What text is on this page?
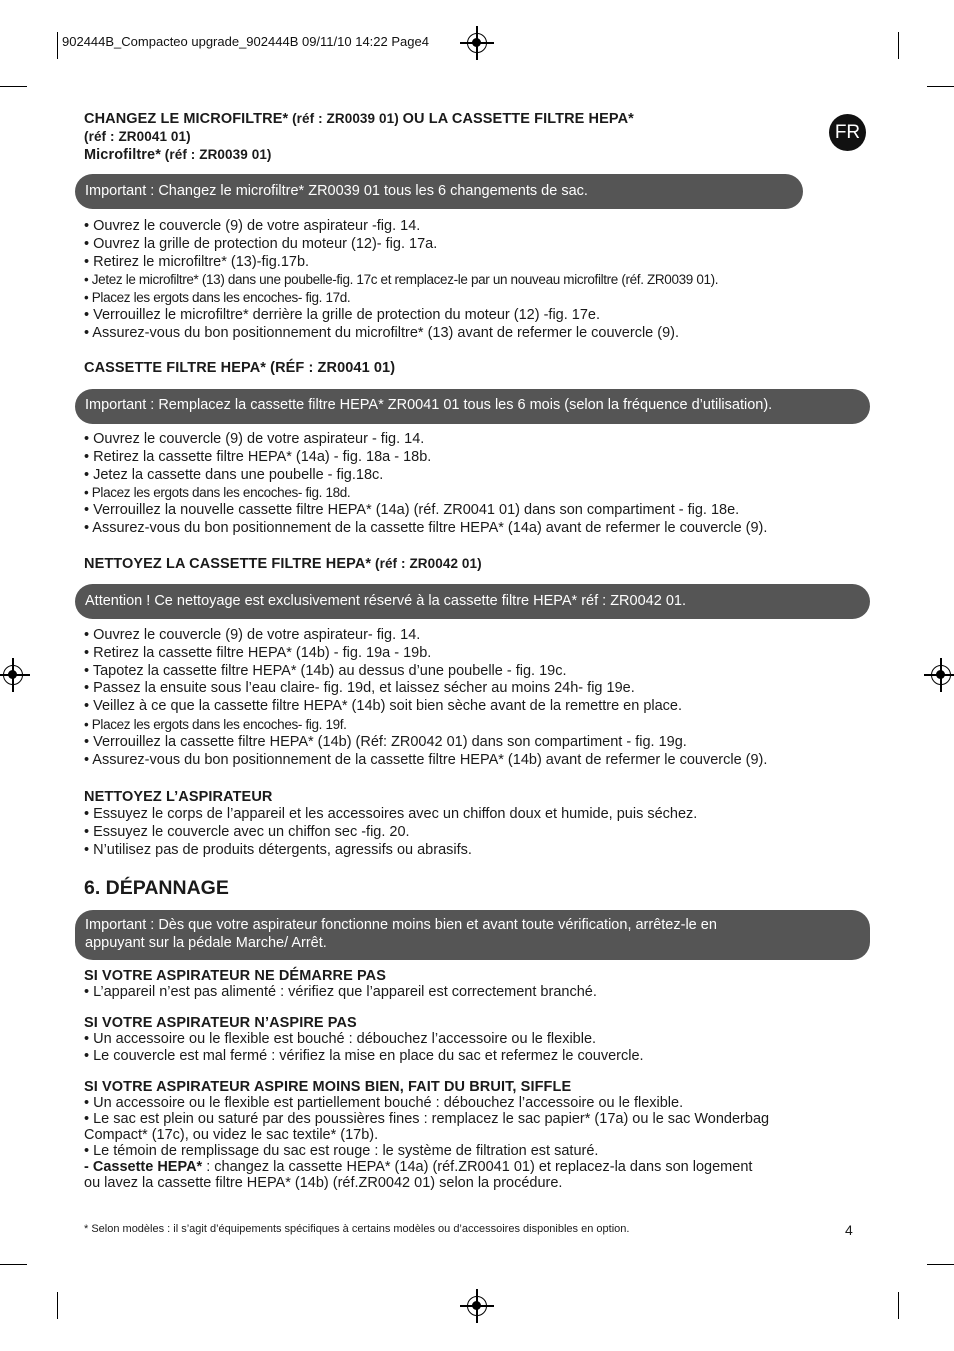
902444B_Compacteo upgrade_902444B 09/11/10 14:22 Page4
FR
CHANGEZ LE MICROFILTRE* (réf : ZR0039 01) OU LA CASSETTE FILTRE HEPA*
(réf : ZR0041 01)
Microfiltre* (réf : ZR0039 01)
Important : Changez le microfiltre* ZR0039 01 tous les 6 changements de sac.
• Ouvrez le couvercle (9) de votre aspirateur -fig. 14.
• Ouvrez la grille de protection du moteur (12)- fig. 17a.
• Retirez le microfiltre* (13)-fig.17b.
• Jetez le microfiltre* (13) dans une poubelle-fig. 17c et remplacez-le par un nouveau microfiltre (réf. ZR0039 01).
• Placez les ergots dans les encoches- fig. 17d.
• Verrouillez le microfiltre* derrière la grille de protection du moteur (12) -fig. 17e.
• Assurez-vous du bon positionnement du microfiltre* (13) avant de refermer le couvercle (9).
CASSETTE FILTRE HEPA* (RÉF : ZR0041 01)
Important : Remplacez la cassette filtre HEPA* ZR0041 01 tous les 6 mois (selon la fréquence d’utilisation).
• Ouvrez le couvercle (9) de votre aspirateur - fig. 14.
• Retirez la cassette filtre HEPA* (14a) - fig. 18a - 18b.
• Jetez la cassette dans une poubelle - fig.18c.
• Placez les ergots dans les encoches- fig. 18d.
• Verrouillez la nouvelle cassette filtre HEPA* (14a) (réf. ZR0041 01) dans son compartiment - fig. 18e.
• Assurez-vous du bon positionnement de la cassette filtre HEPA* (14a) avant de refermer le couvercle (9).
NETTOYEZ LA CASSETTE FILTRE HEPA* (réf : ZR0042 01)
Attention ! Ce nettoyage est exclusivement réservé à la cassette filtre HEPA* réf : ZR0042 01.
• Ouvrez le couvercle (9) de votre aspirateur- fig. 14.
• Retirez la cassette filtre HEPA* (14b) - fig. 19a - 19b.
• Tapotez la cassette filtre HEPA* (14b) au dessus d’une poubelle - fig. 19c.
• Passez la ensuite sous l’eau claire- fig. 19d, et laissez sécher au moins 24h- fig 19e.
• Veillez à ce que la cassette filtre HEPA* (14b) soit bien sèche avant de la remettre en place.
• Placez les ergots dans les encoches- fig. 19f.
• Verrouillez la cassette filtre HEPA* (14b) (Réf: ZR0042 01) dans son compartiment - fig. 19g.
• Assurez-vous du bon positionnement de la cassette filtre HEPA* (14b) avant de refermer le couvercle (9).
NETTOYEZ L’ASPIRATEUR
• Essuyez le corps de l’appareil et les accessoires avec un chiffon doux et humide, puis séchez.
• Essuyez le couvercle avec un chiffon sec -fig. 20.
• N’utilisez pas de produits détergents, agressifs ou abrasifs.
6. DÉPANNAGE
Important : Dès que votre aspirateur fonctionne moins bien et avant toute vérification, arrêtez-le en
appuyant sur la pédale Marche/ Arrêt.
SI VOTRE ASPIRATEUR NE DÉMARRE PAS
• L’appareil n’est pas alimenté : vérifiez que l’appareil est correctement branché.
SI VOTRE ASPIRATEUR N’ASPIRE PAS
• Un accessoire ou le flexible est bouché : débouchez l’accessoire ou le flexible.
• Le couvercle est mal fermé : vérifiez la mise en place du sac et refermez le couvercle.
SI VOTRE ASPIRATEUR ASPIRE MOINS BIEN, FAIT DU BRUIT, SIFFLE
• Un accessoire ou le flexible est partiellement bouché : débouchez l’accessoire ou le flexible.
• Le sac est plein ou saturé par des poussières fines : remplacez le sac papier* (17a) ou le sac Wonderbag
Compact* (17c), ou videz le sac textile* (17b).
• Le témoin de remplissage du sac est rouge : le système de filtration est saturé.
- Cassette HEPA* : changez la cassette HEPA* (14a) (réf.ZR0041 01) et replacez-la dans son logement
ou lavez la cassette filtre HEPA* (14b) (réf.ZR0042 01) selon la procédure.
* Selon modèles : il s’agit d’équipements spécifiques à certains modèles ou d’accessoires disponibles en option.	4
